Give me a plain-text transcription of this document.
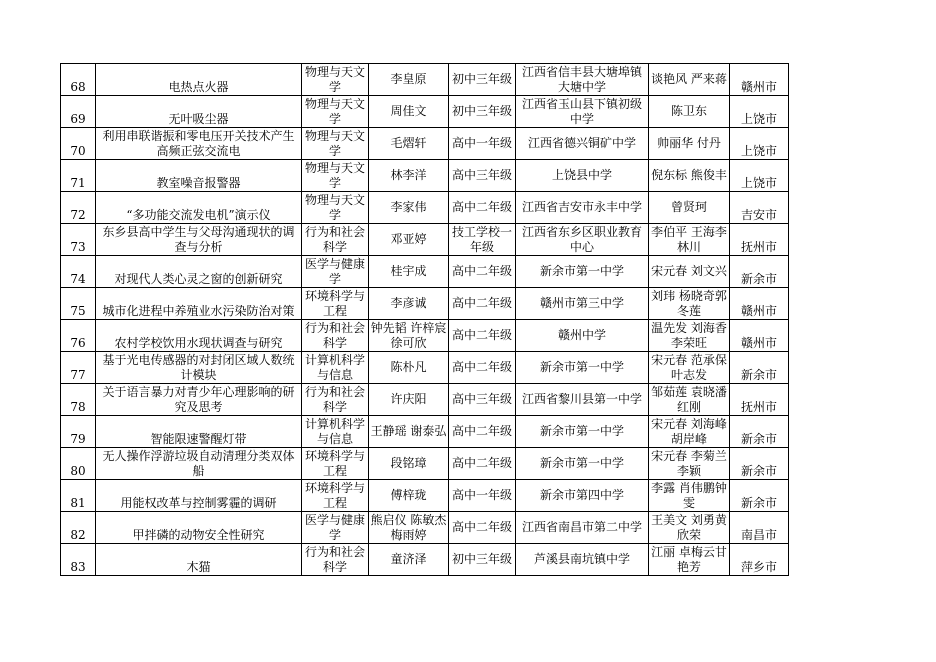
68	电热点火器	物理与天文学	李皇原	初中三年级	江西省信丰县大塘埠镇大塘中学	谈艳风 严来蒋	赣州市
69	无叶吸尘器	物理与天文学	周佳文	初中三年级	江西省玉山县下镇初级中学	陈卫东	上饶市
70	利用串联谐振和零电压开关技术产生高频正弦交流电	物理与天文学	毛熠轩	高中一年级	江西省德兴铜矿中学	帅丽华 付丹	上饶市
71	教室噪音报警器	物理与天文学	林李洋	高中三年级	上饶县中学	倪东标 熊俊丰	上饶市
72	“多功能交流发电机”演示仪	物理与天文学	李家伟	高中二年级	江西省吉安市永丰中学	曾贤珂	吉安市
73	东乡县高中学生与父母沟通现状的调查与分析	行为和社会科学	邓亚婷	技工学校一年级	江西省东乡区职业教育中心	李伯平 王海李林川	抚州市
74	对现代人类心灵之窗的创新研究	医学与健康学	桂宇成	高中二年级	新余市第一中学	宋元春 刘文兴	新余市
75	城市化进程中养殖业水污染防治对策	环境科学与工程	李彦诚	高中二年级	赣州市第三中学	刘玮 杨晓奇郭冬莲	赣州市
76	农村学校饮用水现状调查与研究	行为和社会科学	钟先韬 许梓宸 徐可欣	高中二年级	赣州中学	温先发 刘海香 李荣旺	赣州市
77	基于光电传感器的对封闭区域人数统计模块	计算机科学与信息	陈朴凡	高中二年级	新余市第一中学	宋元春 范承保 叶志发	新余市
78	关于语言暴力对青少年心理影响的研究及思考	行为和社会科学	许庆阳	高中三年级	江西省黎川县第一中学	邹茹莲 袁晓潘红刚	抚州市
79	智能限速警醒灯带	计算机科学与信息	王静瑶 谢泰弘	高中二年级	新余市第一中学	宋元春 刘海峰 胡岸峰	新余市
80	无人操作浮游垃圾自动清理分类双体船	环境科学与工程	段铭璋	高中二年级	新余市第一中学	宋元春 李菊兰 李颖	新余市
81	用能权改革与控制雾霾的调研	环境科学与工程	傅梓珑	高中一年级	新余市第四中学	李露 肖伟鹏钟雯	新余市
82	甲拌磷的动物安全性研究	医学与健康学	熊启仪 陈敏杰 梅雨婷	高中二年级	江西省南昌市第二中学	王美文 刘勇黄欣荣	南昌市
83	木猫	行为和社会科学	童济泽	初中三年级	芦溪县南坑镇中学	江丽 卓梅云甘艳芳	萍乡市
